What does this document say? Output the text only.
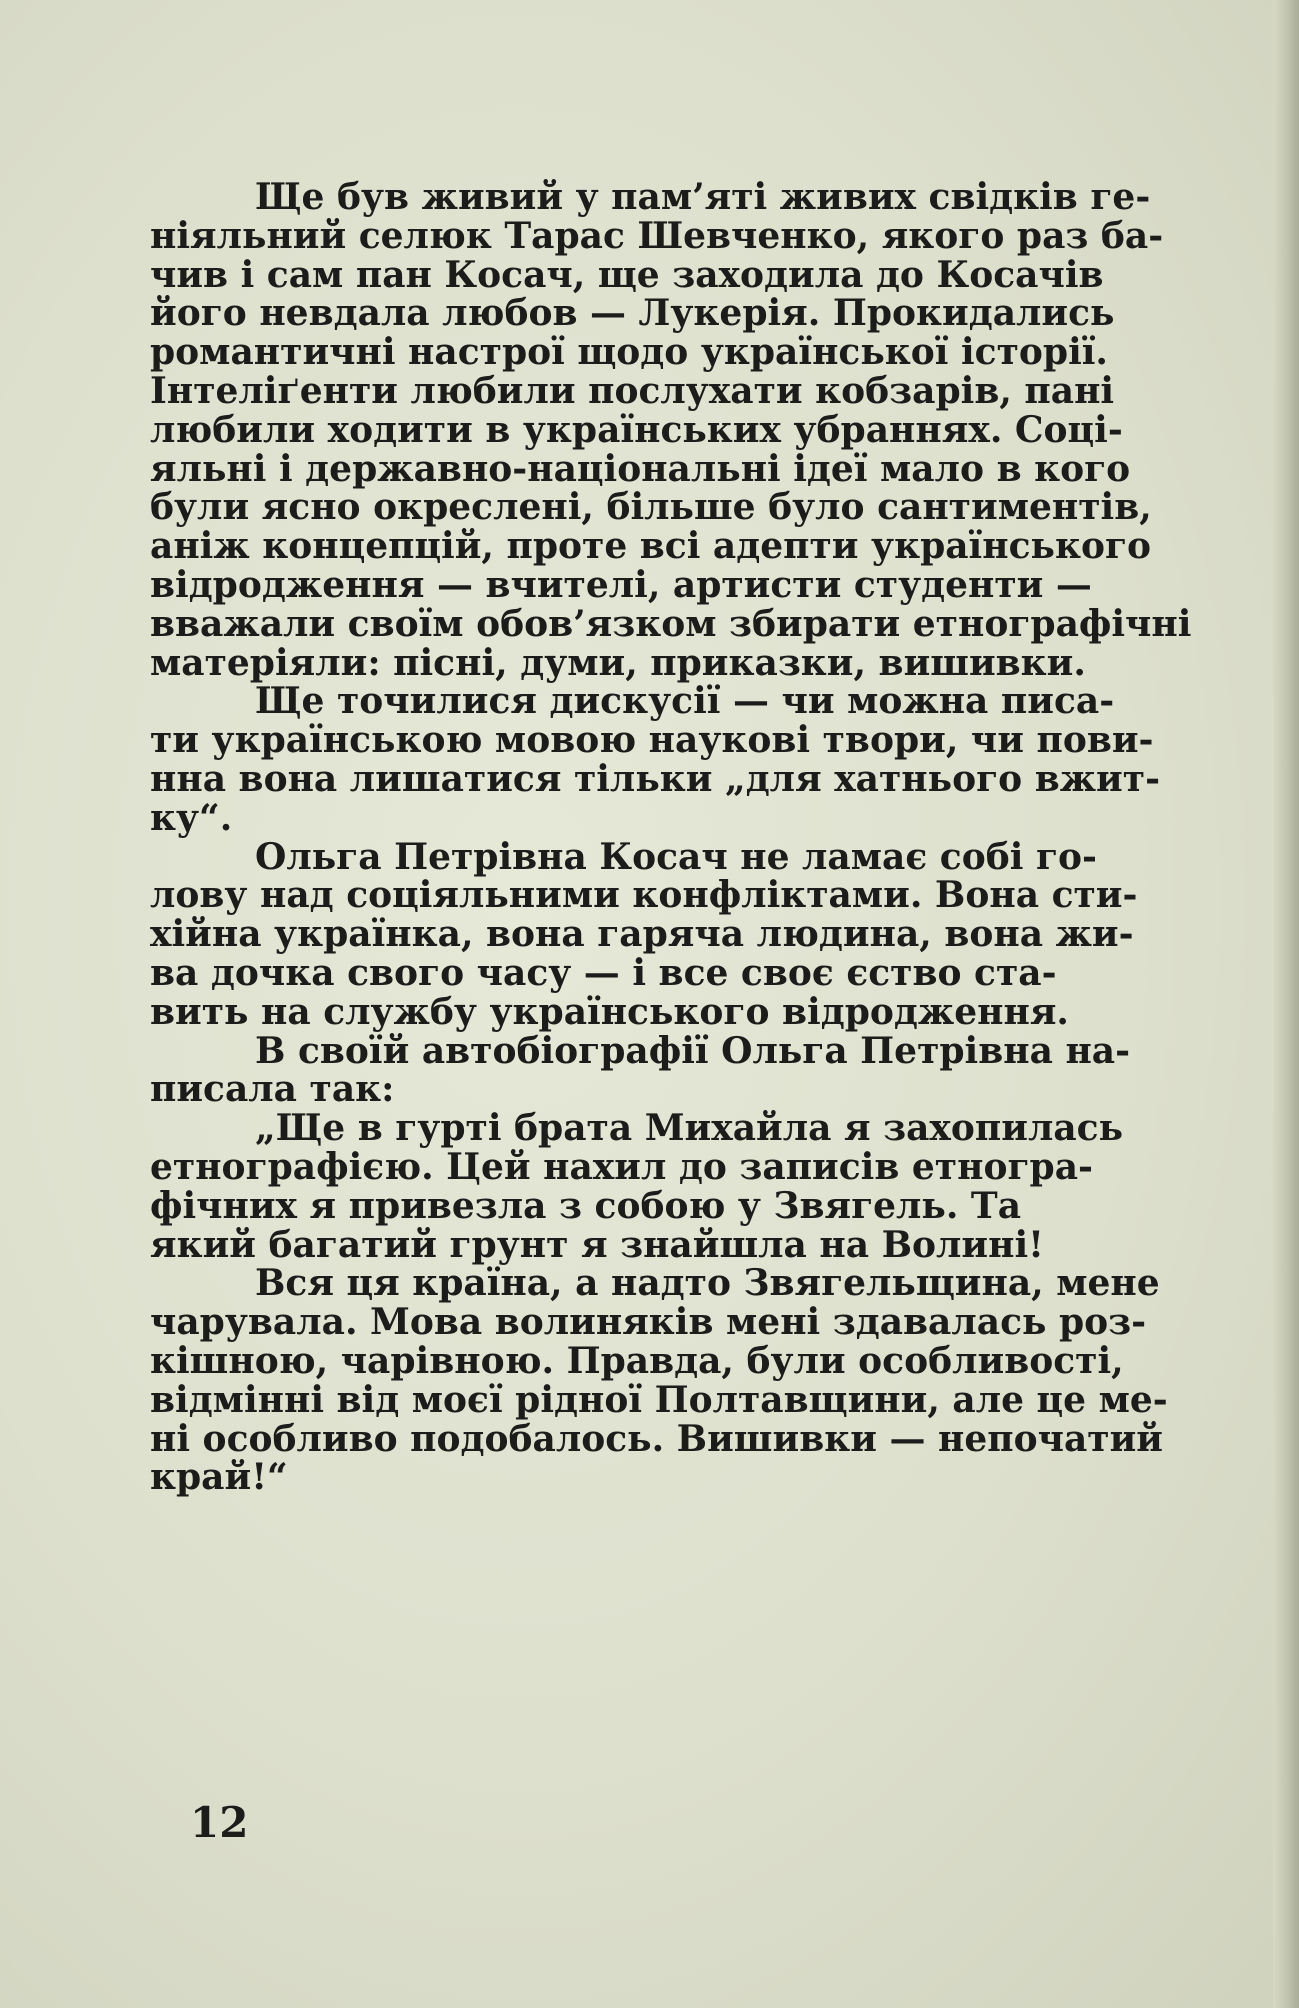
Ще був живий у пам’яті живих свідків ге-
ніяльний селюк Тарас Шевченко, якого раз ба-
чив і сам пан Косач, ще заходила до Косачів
його невдала любов — Лукерія. Прокидались
романтичні настрої щодо української історії.
Інтеліґенти любили послухати кобзарів, пані
любили ходити в українських убраннях. Соці-
яльні і державно-національні ідеї мало в кого
були ясно окреслені, більше було сантиментів,
аніж концепцій, проте всі адепти українського
відродження — вчителі, артисти студенти —
вважали своїм обов’язком збирати етнографічні
матеріяли: пісні, думи, приказки, вишивки.

Ще точилися дискусії — чи можна писа-
ти українською мовою наукові твори, чи пови-
нна вона лишатися тільки „для хатнього вжит-
ку“.

Ольга Петрівна Косач не ламає собі го-
лову над соціяльними конфліктами. Вона сти-
хійна українка, вона гаряча людина, вона жи-
ва дочка свого часу — і все своє єство ста-
вить на службу українського відродження.

В своїй автобіографії Ольга Петрівна на-
писала так:

„Ще в гурті брата Михайла я захопилась
етнографією. Цей нахил до записів етногра-
фічних я привезла з собою у Звягель. Та
який багатий грунт я знайшла на Волині!

Вся ця країна, а надто Звягельщина, мене
чарувала. Мова волиняків мені здавалась роз-
кішною, чарівною. Правда, були особливості,
відмінні від моєї рідної Полтавщини, але це ме-
ні особливо подобалось. Вишивки — непочатий
край!“

12
